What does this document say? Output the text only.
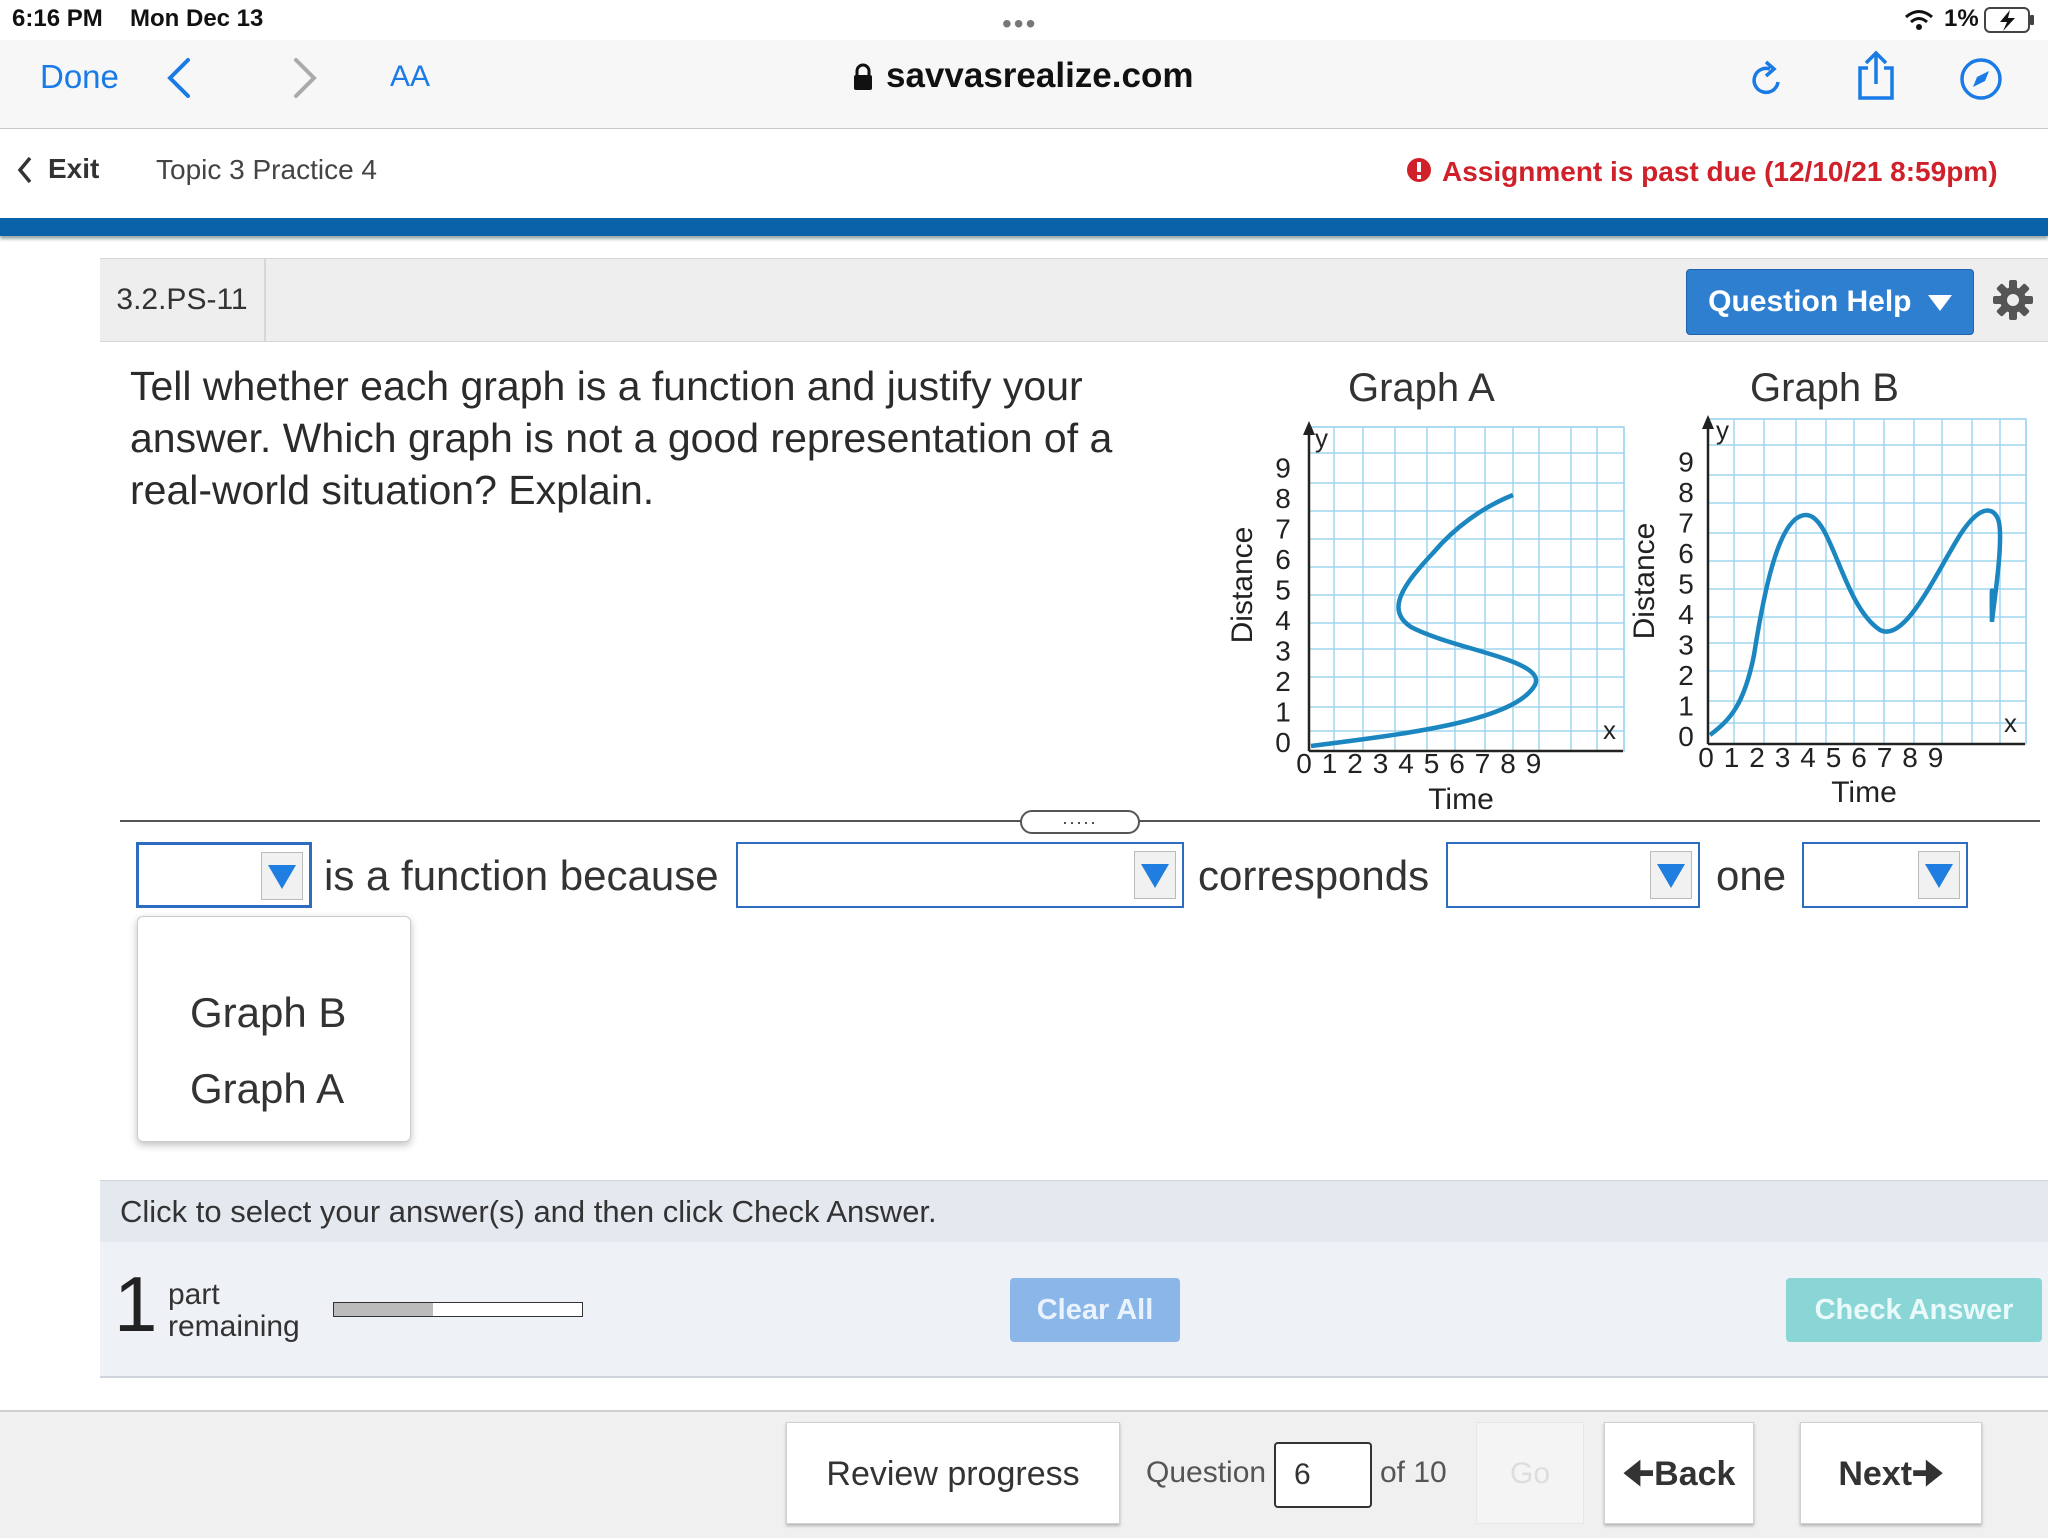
6:16 PM Mon Dec 13	•••	1%
Done	AA	savvasrealize.com
Exit Topic 3 Practice 4	Assignment is past due (12/10/21 8:59pm)
3.2.PS-11	Question Help
Tell whether each graph is a function and justify your answer. Which graph is not a good representation of a real-world situation? Explain.
Graph A
y
x
0
1
2
3
4
5
6
7
8
9
0 1 2 3 4 5 6 7 8 9
Distance
Time
Graph B
y
x
0
1
2
3
4
5
6
7
8
9
0 1 2 3 4 5 6 7 8 9
Distance
Time
.....
is a function because	corresponds	one
Graph B
Graph A
Click to select your answer(s) and then click Check Answer.
1 part
remaining	Clear All	Check Answer
Review progress	Question
6	of 10	Go	🠈Back	Next🠊
